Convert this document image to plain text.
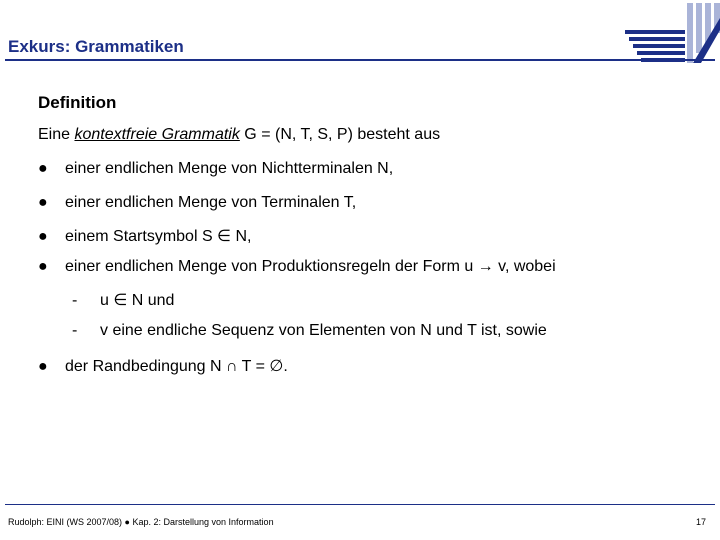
Exkurs: Grammatiken
Definition
Eine kontextfreie Grammatik G = (N, T, S, P) besteht aus
● einer endlichen Menge von Nichtterminalen N,
● einer endlichen Menge von Terminalen T,
● einem Startsymbol S ∈ N,
● einer endlichen Menge von Produktionsregeln der Form u → v, wobei
- u ∈ N und
- v eine endliche Sequenz von Elementen von N und T ist, sowie
● der Randbedingung N ∩ T = ∅.
Rudolph: EINI (WS 2007/08) ● Kap. 2: Darstellung von Information	17
